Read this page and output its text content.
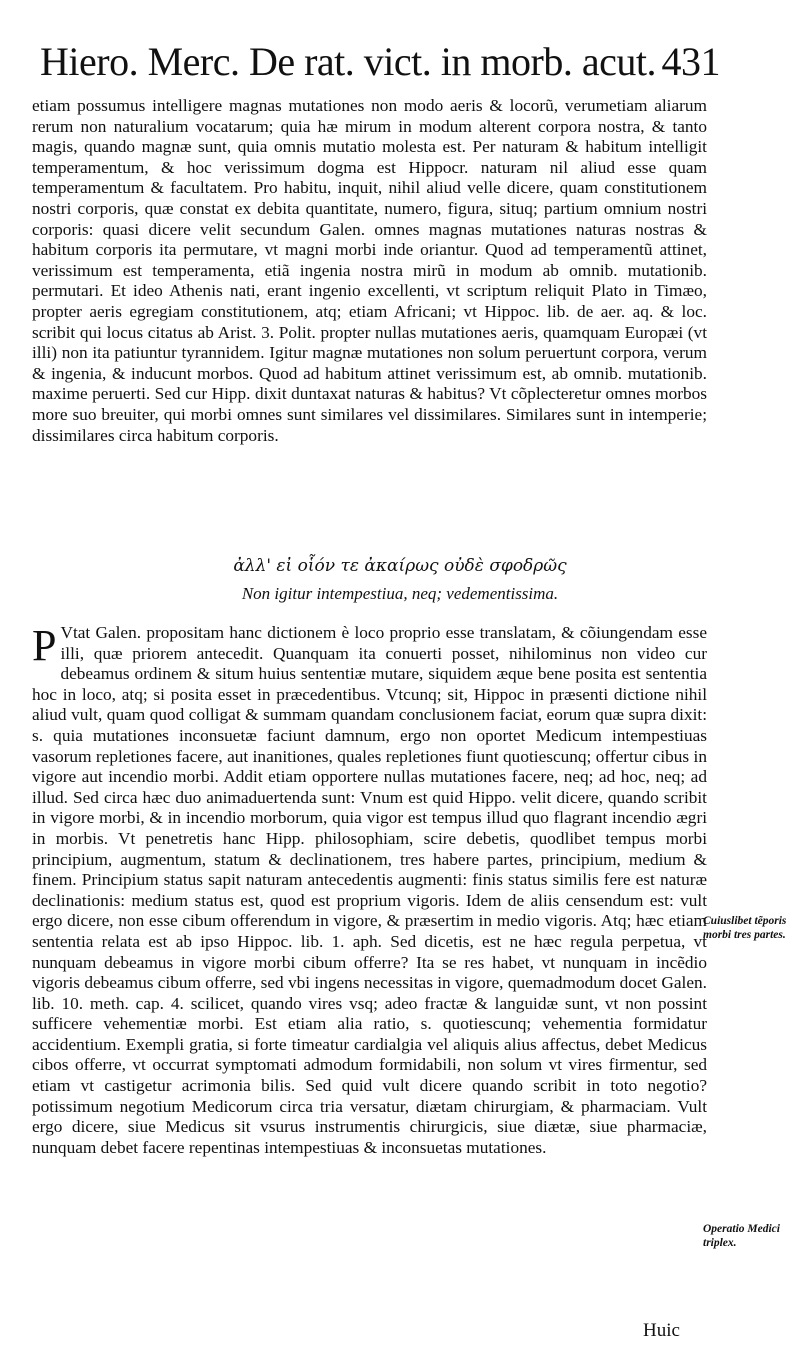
Hiero. Merc. De rat. vict. in morb. acut. 431
etiam possumus intelligere magnas mutationes non modo aeris & locorũ, verumetiam aliarum rerum non naturalium vocatarum; quia hæ mirum in modum alterent corpora nostra, & tanto magis, quando magnæ sunt, quia omnis mutatio molesta est. Per naturam & habitum intelligit temperamentum, & hoc verissimum dogma est Hippocr. naturam nil aliud esse quam temperamentum & facultatem. Pro habitu, inquit, nihil aliud velle dicere, quam constitutionem nostri corporis, quæ constat ex debita quantitate, numero, figura, situq; partium omnium nostri corporis: quasi dicere velit secundum Galen. omnes magnas mutationes naturas nostras & habitum corporis ita permutare, vt magni morbi inde oriantur. Quod ad temperamentũ attinet, verissimum est temperamenta, etiã ingenia nostra mirũ in modum ab omnib. mutationib. permutari. Et ideo Athenis nati, erant ingenio excellenti, vt scriptum reliquit Plato in Timæo, propter aeris egregiam constitutionem, atq; etiam Africani; vt Hippoc. lib. de aer. aq. & loc. scribit qui locus citatus ab Arist. 3. Polit. propter nullas mutationes aeris, quamquam Europæi (vt illi) non ita patiuntur tyrannidem. Igitur magnæ mutationes non solum peruertunt corpora, verum & ingenia, & inducunt morbos. Quod ad habitum attinet verissimum est, ab omnib. mutationib. maxime peruerti. Sed cur Hipp. dixit duntaxat naturas & habitus? Vt cõplecteretur omnes morbos more suo breuiter, qui morbi omnes sunt similares vel dissimilares. Similares sunt in intemperie; dissimilares circa habitum corporis.
ἀλλ' εἰ οἷόν τε ἀκαίρως οὐδὲ σφοδρῶς
Non igitur intempestiua, neq; vedementissima.
PVtat Galen. propositam hanc dictionem è loco proprio esse translatam, & cõiungendam esse illi, quæ priorem antecedit. Quanquam ita conuerti posset, nihilominus non video cur debeamus ordinem & situm huius sententiæ mutare, siquidem æque bene posita est sententia hoc in loco, atq; si posita esset in præcedentibus. Vtcunq; sit, Hippoc in præsenti dictione nihil aliud vult, quam quod colligat & summam quandam conclusionem faciat, eorum quæ supra dixit: s. quia mutationes inconsuetæ faciunt damnum, ergo non oportet Medicum intempestiuas vasorum repletiones facere, aut inanitiones, quales repletiones fiunt quotiescunq; offertur cibus in vigore aut incendio morbi. Addit etiam opportere nullas mutationes facere, neq; ad hoc, neq; ad illud. Sed circa hæc duo animaduertenda sunt: Vnum est quid Hippo. velit dicere, quando scribit in vigore morbi, & in incendio morborum, quia vigor est tempus illud quo flagrant incendio ægri in morbis. Vt penetretis hanc Hipp. philosophiam, scire debetis, quodlibet tempus morbi principium, augmentum, statum & declinationem, tres habere partes, principium, medium & finem. Principium status sapit naturam antecedentis augmenti: finis status similis fere est naturæ declinationis: medium status est, quod est proprium vigoris. Idem de aliis censendum est: vult ergo dicere, non esse cibum offerendum in vigore, & præsertim in medio vigoris. Atq; hæc etiam sententia relata est ab ipso Hippoc. lib. 1. aph. Sed dicetis, est ne hæc regula perpetua, vt nunquam debeamus in vigore morbi cibum offerre? Ita se res habet, vt nunquam in incẽdio vigoris debeamus cibum offerre, sed vbi ingens necessitas in vigore, quemadmodum docet Galen. lib. 10. meth. cap. 4. scilicet, quando vires vsq; adeo fractæ & languidæ sunt, vt non possint sufficere vehementiæ morbi. Est etiam alia ratio, s. quotiescunq; vehementia formidatur accidentium. Exempli gratia, si forte timeatur cardialgia vel aliquis alius affectus, debet Medicus cibos offerre, vt occurrat symptomati admodum formidabili, non solum vt vires firmentur, sed etiam vt castigetur acrimonia bilis. Sed quid vult dicere quando scribit in toto negotio? potissimum negotium Medicorum circa tria versatur, diætam chirurgiam, & pharmaciam. Vult ergo dicere, siue Medicus sit vsurus instrumentis chirurgicis, siue diætæ, siue pharmaciæ, nunquam debet facere repentinas intempestiuas & inconsuetas mutationes.
Cuiuslibet tẽporis morbi tres partes.
Operatio Medici triplex.
Huic
